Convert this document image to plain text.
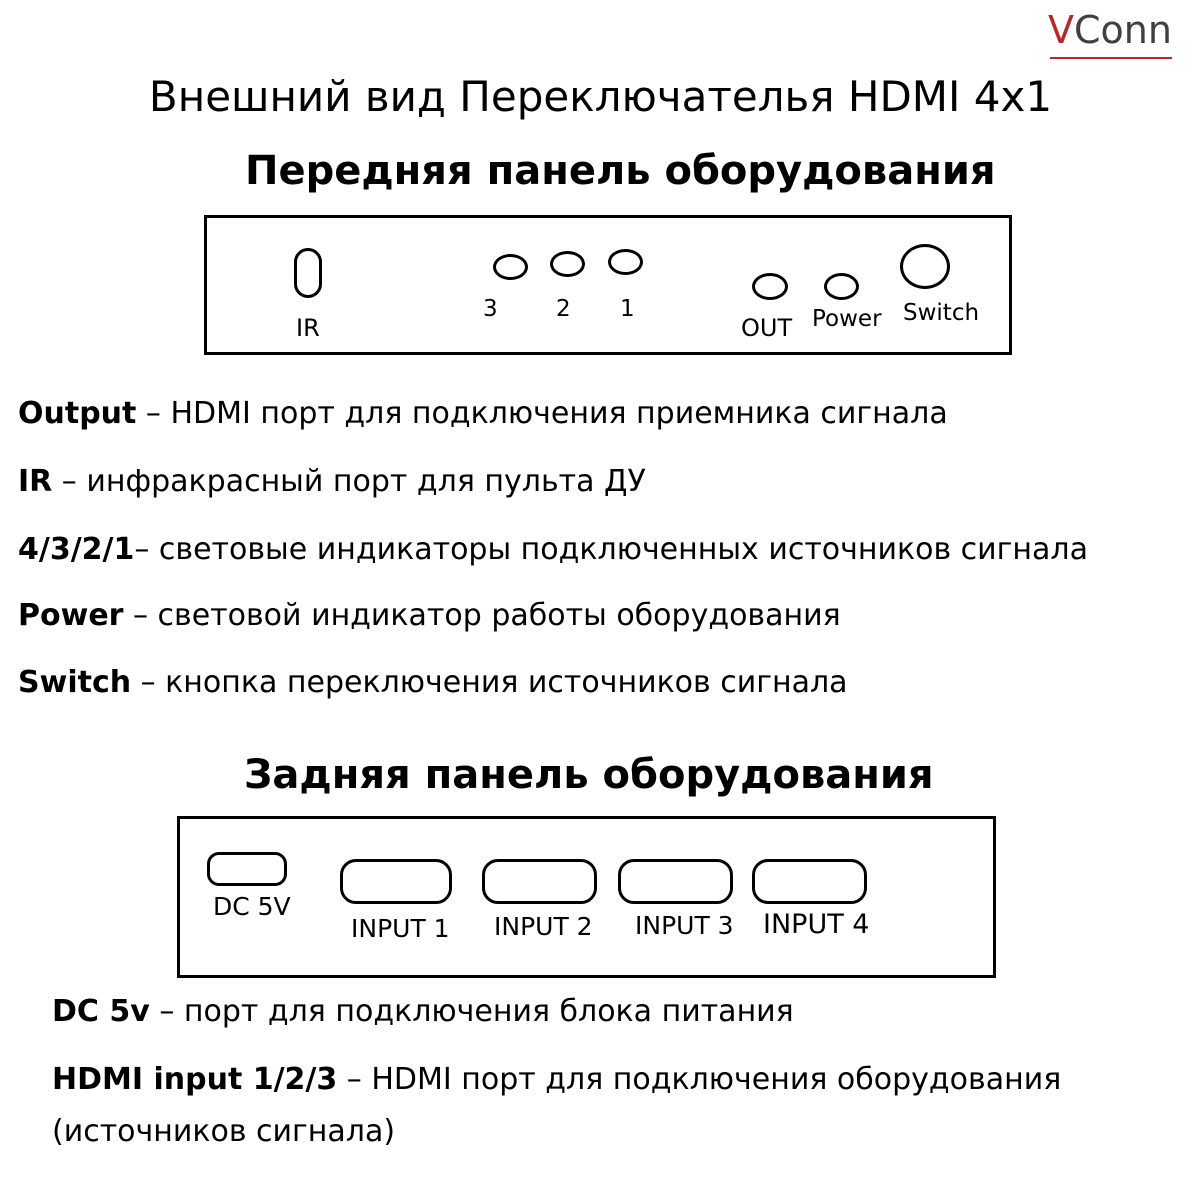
VConn
Внешний вид Переключателья HDMI 4x1
Передняя панель оборудования
IR
3	2 1
OUT Power Switch
Output – HDMI порт для подключения приемника сигнала
IR – инфракрасный порт для пульта ДУ
4/3/2/1– световые индикаторы подключенных источников сигнала
Power – световой индикатор работы оборудования
Switch – кнопка переключения источников сигнала
Задняя панель оборудования
DC 5V
INPUT 1 INPUT 2 INPUT 3 INPUT 4
DC 5v – порт для подключения блока питания
HDMI input 1/2/3 – HDMI порт для подключения оборудования
(источников сигнала)
